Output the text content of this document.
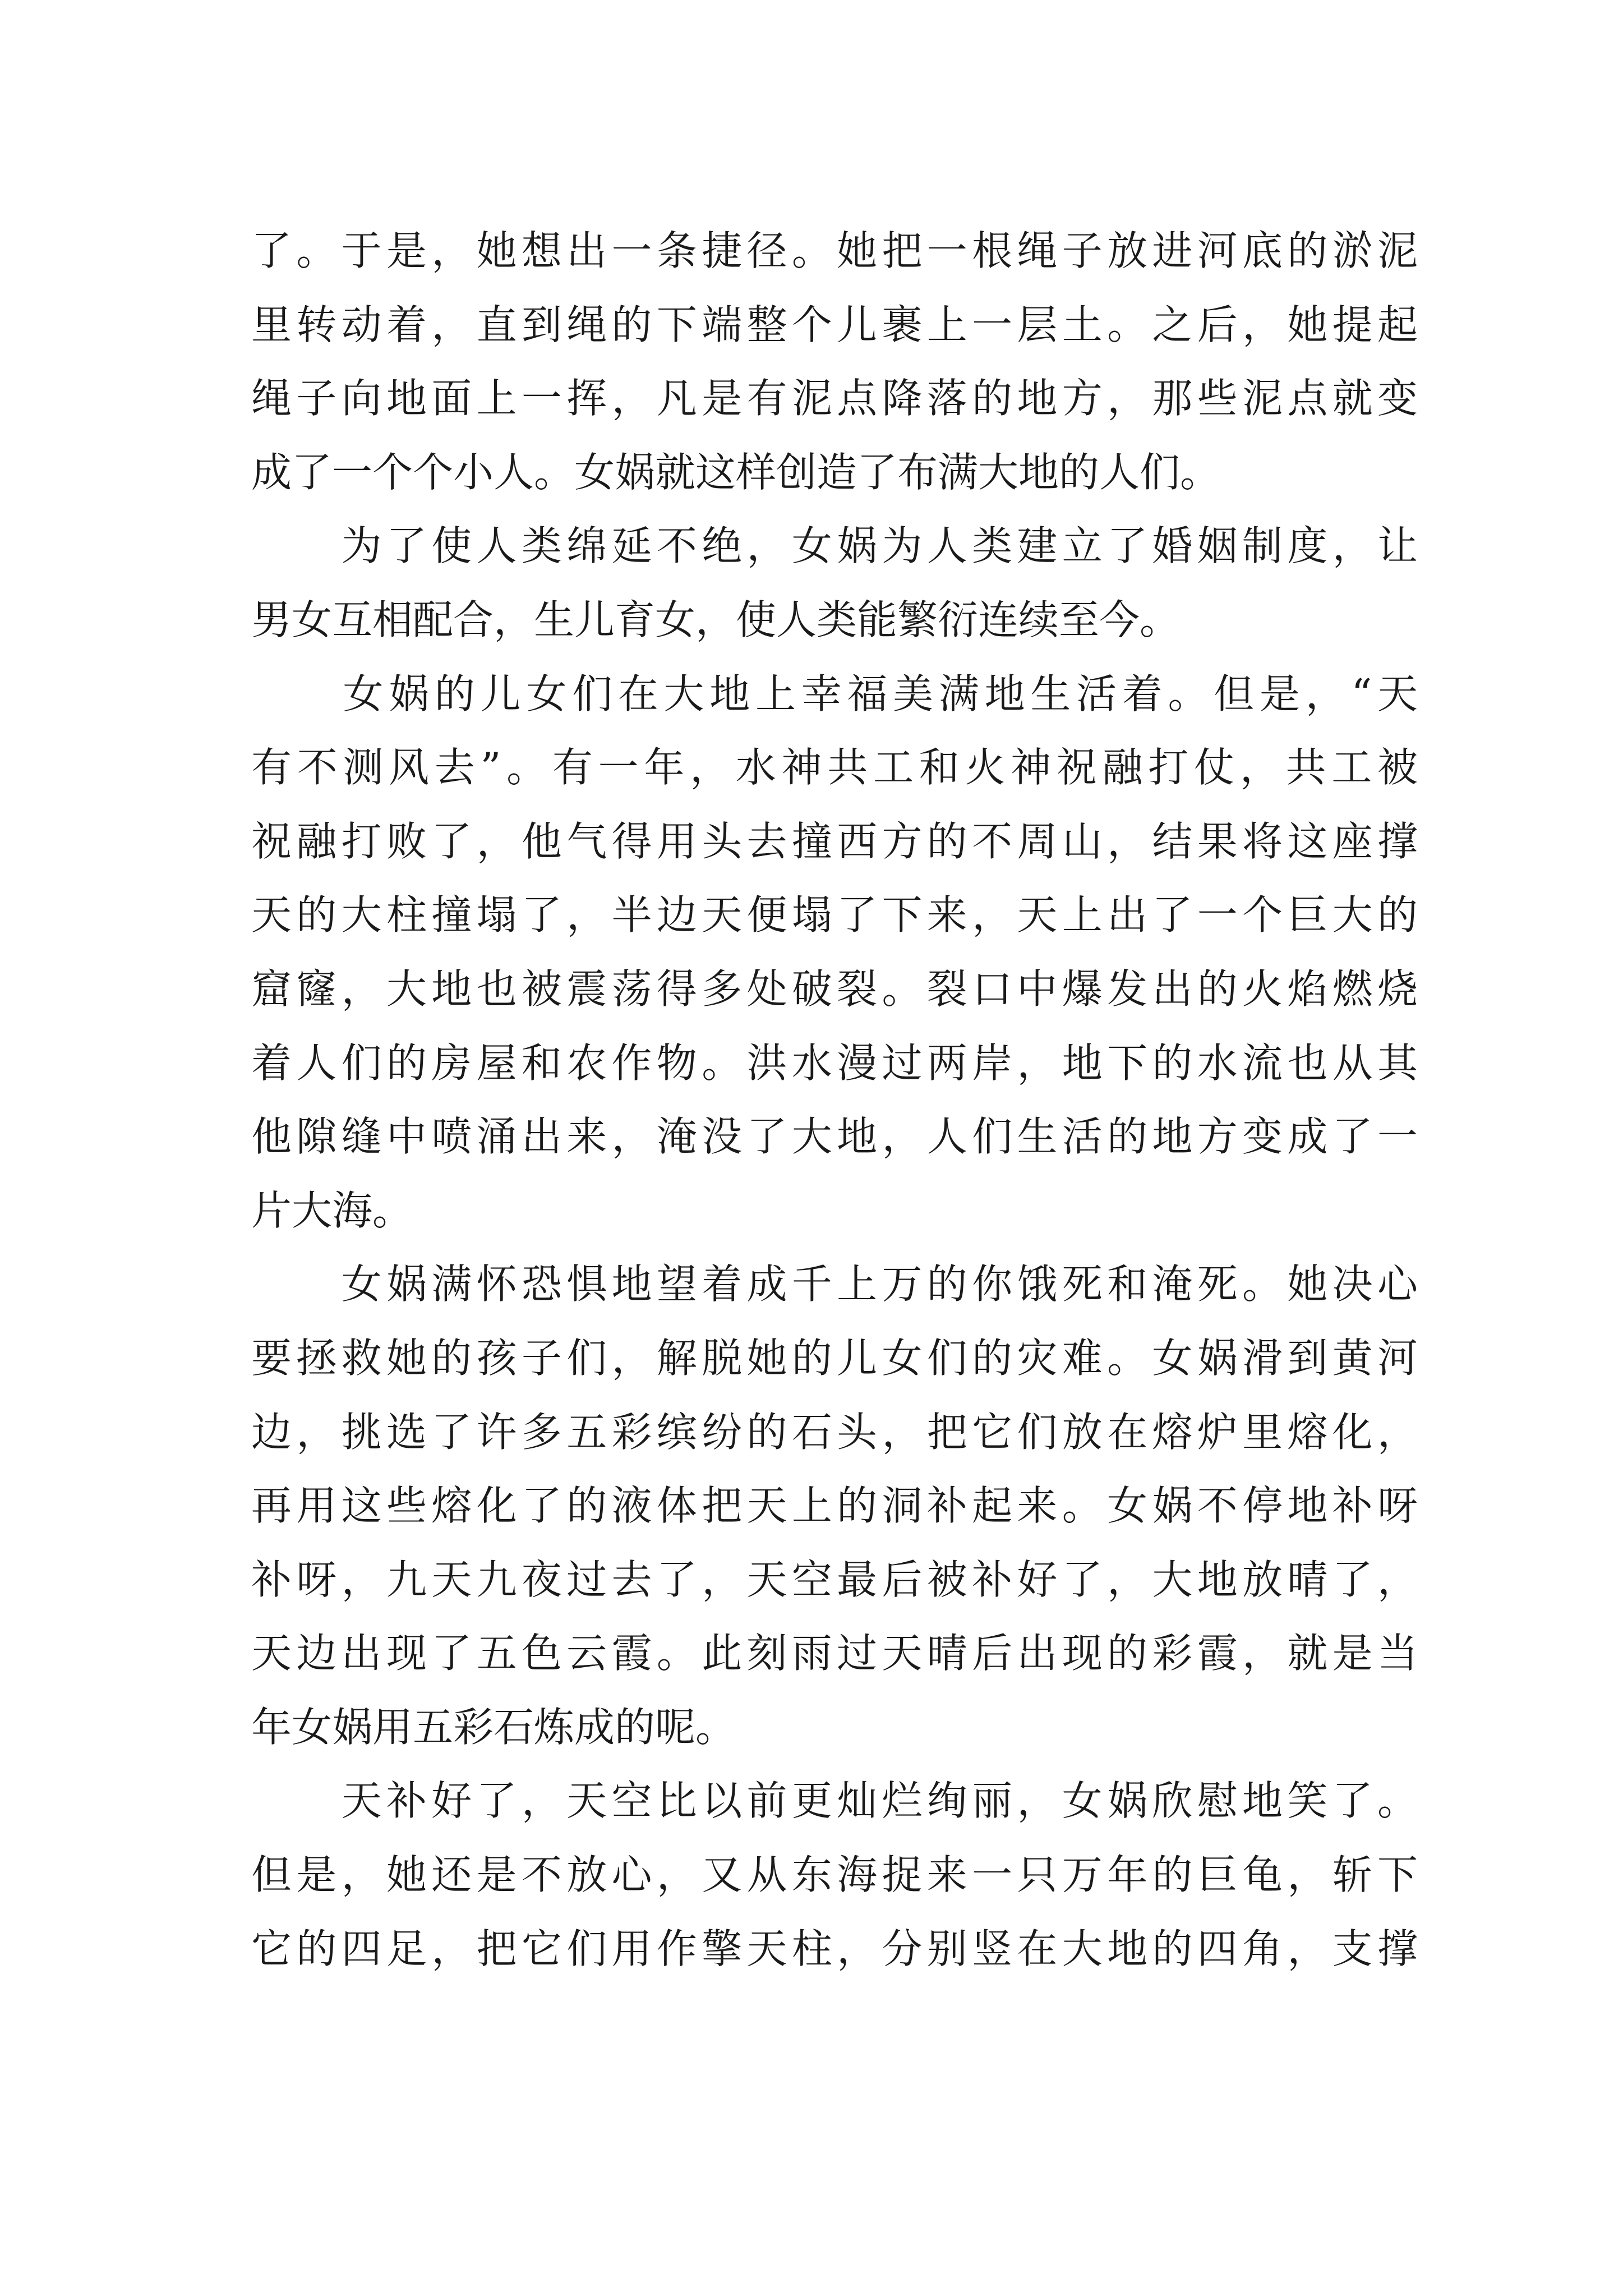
了。于是，她想出一条捷径。她把一根绳子放进河底的淤泥
里转动着，直到绳的下端整个儿裹上一层土。之后，她提起
绳子向地面上一挥，凡是有泥点降落的地方，那些泥点就变
成了一个个小人。女娲就这样创造了布满大地的人们。
　　为了使人类绵延不绝，女娲为人类建立了婚姻制度，让
男女互相配合，生儿育女，使人类能繁衍连续至今。
　　女娲的儿女们在大地上幸福美满地生活着。但是，“天
有不测风去”。有一年，水神共工和火神祝融打仗，共工被
祝融打败了，他气得用头去撞西方的不周山，结果将这座撑
天的大柱撞塌了，半边天便塌了下来，天上出了一个巨大的
窟窿，大地也被震荡得多处破裂。裂口中爆发出的火焰燃烧
着人们的房屋和农作物。洪水漫过两岸，地下的水流也从其
他隙缝中喷涌出来，淹没了大地，人们生活的地方变成了一
片大海。
　　女娲满怀恐惧地望着成千上万的你饿死和淹死。她决心
要拯救她的孩子们，解脱她的儿女们的灾难。女娲滑到黄河
边，挑选了许多五彩缤纷的石头，把它们放在熔炉里熔化，
再用这些熔化了的液体把天上的洞补起来。女娲不停地补呀
补呀，九天九夜过去了，天空最后被补好了，大地放晴了，
天边出现了五色云霞。此刻雨过天晴后出现的彩霞，就是当
年女娲用五彩石炼成的呢。
　　天补好了，天空比以前更灿烂绚丽，女娲欣慰地笑了。
但是，她还是不放心，又从东海捉来一只万年的巨龟，斩下
它的四足，把它们用作擎天柱，分别竖在大地的四角，支撑
